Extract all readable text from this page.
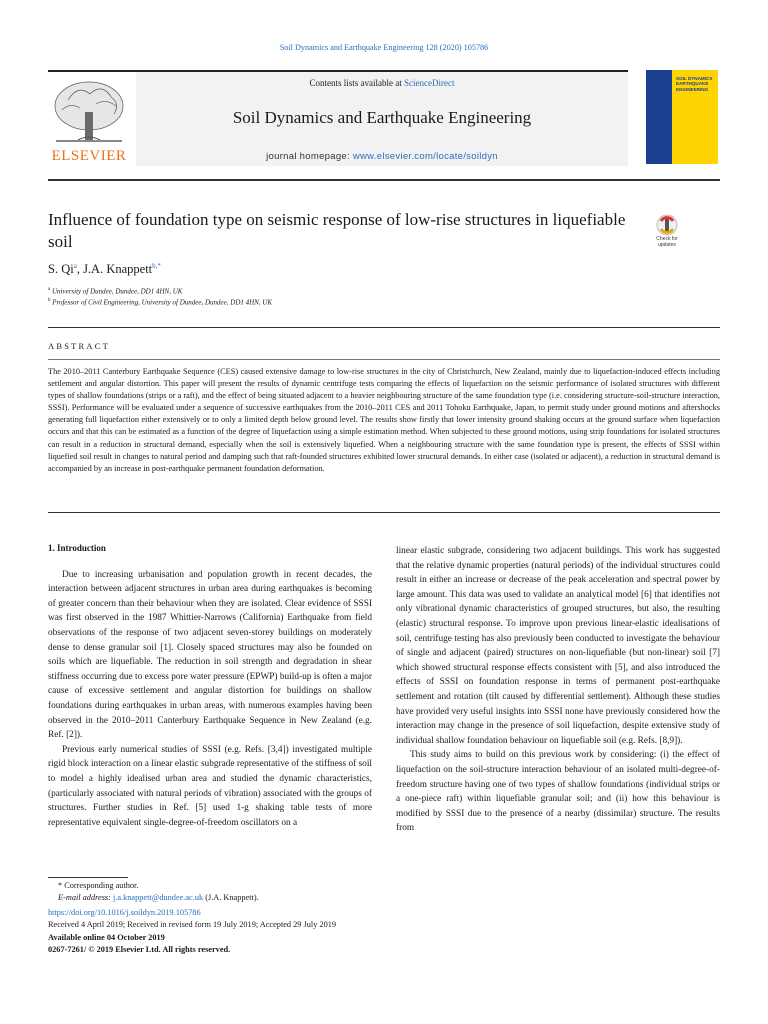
Soil Dynamics and Earthquake Engineering 128 (2020) 105786
ELSEVIER
Contents lists available at ScienceDirect
Soil Dynamics and Earthquake Engineering
journal homepage: www.elsevier.com/locate/soildyn
SOIL DYNAMICS EARTHQUAKE ENGINEERING
Influence of foundation type on seismic response of low-rise structures in liquefiable soil	Check for updates
S. Qi$^a$, J.A. Knappett$^{b,*}$
$^a$ University of Dundee, Dundee, DD1 4HN, UK
$^b$ Professor of Civil Engineering, University of Dundee, Dundee, DD1 4HN, UK
ABSTRACT
The 2010–2011 Canterbury Earthquake Sequence (CES) caused extensive damage to low-rise structures in the city of Christchurch, New Zealand, mainly due to liquefaction-induced effects including settlement and angular distortion. This paper will present the results of dynamic centrifuge tests comparing the effects of liquefaction on the seismic performance of isolated structures with different types of shallow foundations (strips or a raft), and the effect of being situated adjacent to a heavier neighbouring structure of the same foundation type (i.e. considering structure-soil-structure interaction, SSSI). Performance will be evaluated under a sequence of successive earthquakes from the 2010–2011 CES and 2011 Tohoku Earthquake, Japan, to permit study under ground motions and aftershocks generating full liquefaction either extensively or to only a limited depth below ground level. The results show firstly that lower intensity ground shaking occurs at the ground surface when liquefaction occurs and that this can be estimated as a function of the degree of liquefaction using a simple estimation method. When subjected to these ground motions, using strip foundations for isolated structures can result in a reduction in structural demand, especially when the soil is extensively liquefied. When a neighbouring structure with the same foundation type is present, the effects of SSSI within liquefied soil result in changes to natural period and damping such that raft-founded structures exhibited lower structural demands. In either case (isolated or adjacent), a reduction in structural demand is accompanied by an increase in post-earthquake permanent foundation deformation.
1. Introduction

Due to increasing urbanisation and population growth in recent decades, the interaction between adjacent structures in urban area during earthquakes is becoming of greater concern than their behaviour when they are isolated. Clear evidence of SSSI was first observed in the 1987 Whittier-Narrows (California) Earthquake from field observations of the response of two adjacent seven-storey buildings on moderately dense to dense granular soil [1]. Closely spaced structures may also be founded on soils which are liquefiable. The reduction in soil strength and degradation in shear stiffness occurring due to excess pore water pressure (EPWP) build-up is often a major cause of excessive settlement and angular distortion for buildings on shallow foundations during earthquakes in urban areas, with numerous examples having been observed in the 2010–2011 Canterbury Earthquake Sequence in New Zealand (e.g. Ref. [2]).

Previous early numerical studies of SSSI (e.g. Refs. [3,4]) investigated multiple rigid block interaction on a linear elastic subgrade representative of the stiffness of soil to model a highly idealised urban area and studied the dynamic characteristics, (particularly associated with natural periods of vibration) associated with the groups of structures. Further studies in Ref. [5] used 1-g shaking table tests of more representative equivalent single-degree-of-freedom oscillators on a

linear elastic subgrade, considering two adjacent buildings. This work has suggested that the relative dynamic properties (natural periods) of the individual structures could result in either an increase or decrease of the peak acceleration and spectral power by large amount. This data was used to validate an analytical model [6] that identifies not only vibrational dynamic characteristics of grouped structures, but also, the resulting (elastic) structural response. To improve upon previous linear-elastic idealisations of soil, centrifuge testing has also previously been conducted to investigate the behaviour of single and adjacent (paired) structures on non-liquefiable (but non-linear) soil [7] which showed structural response effects consistent with [5], and also introduced the effects of SSSI on foundation response in terms of permanent post-earthquake settlement and rotation (tilt caused by differential settlement). Although these studies have provided very useful insights into SSSI none have previously considered how the interaction may change in the presence of soil liquefaction, despite extensive study of individual shallow foundation behaviour on liquefiable soil (e.g. Refs. [8,9]).

This study aims to build on this previous work by considering: (i) the effect of liquefaction on the soil-structure interaction behaviour of an isolated multi-degree-of-freedom structure having one of two types of shallow foundations (individual strips or a one-piece raft) within liquefiable granular soil; and (ii) how this behaviour is modified by SSSI due to the presence of a nearby (dissimilar) structure. The results from

* Corresponding author.
E-mail address: j.a.knappett@dundee.ac.uk (J.A. Knappett).
https://doi.org/10.1016/j.soildyn.2019.105786
Received 4 April 2019; Received in revised form 19 July 2019; Accepted 29 July 2019
Available online 04 October 2019
0267-7261/ © 2019 Elsevier Ltd. All rights reserved.
